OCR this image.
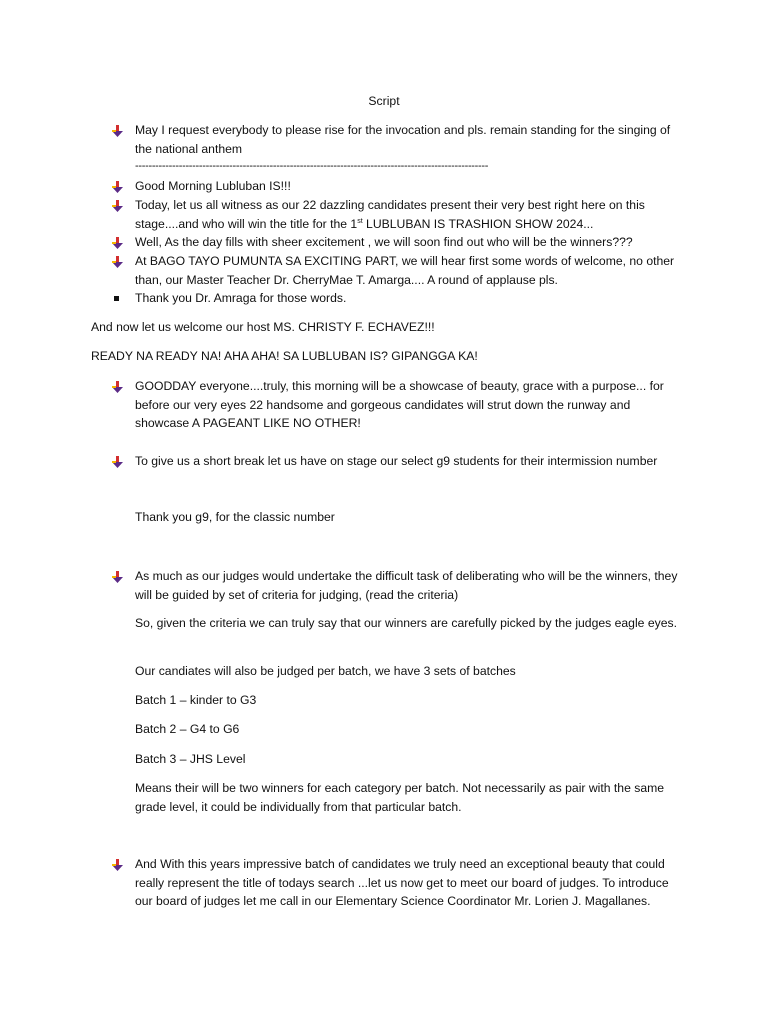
Script
May I request everybody to please rise for the invocation and pls. remain standing for the singing of the national anthem
---------------------------------------------------------------------------------------------------------
Good Morning Lubluban IS!!!
Today, let us all witness as our 22 dazzling candidates present their very best right here on this stage....and who will win the title for the 1st LUBLUBAN IS TRASHION SHOW 2024...
Well, As the day fills with sheer excitement , we will soon find out who will be the winners???
At BAGO TAYO PUMUNTA SA EXCITING PART, we will hear first some words of welcome, no other than, our Master Teacher Dr. CherryMae T. Amarga.... A round of applause pls.
Thank you Dr. Amraga for those words.
And now let us welcome our host MS. CHRISTY F. ECHAVEZ!!!
READY NA READY NA! AHA AHA! SA LUBLUBAN IS? GIPANGGA KA!
GOODDAY everyone....truly, this morning will be a showcase of beauty, grace with a purpose... for before our very eyes 22 handsome and gorgeous candidates will strut down the runway and showcase A PAGEANT LIKE NO OTHER!
To give us a short break let us have on stage our select g9 students for their intermission number
Thank you g9, for the classic number
As much as our judges would undertake the difficult task of deliberating who will be the winners, they will be guided by set of criteria for judging, (read the criteria)
So, given the criteria we can truly say that our winners are carefully picked by the judges eagle eyes.
Our candiates will also be judged per batch, we have 3 sets of batches
Batch 1 – kinder to G3
Batch 2 – G4 to G6
Batch 3 – JHS Level
Means their will be two winners for each category per batch. Not necessarily as pair with the same grade level, it could be individually from that particular batch.
And With this years impressive batch of candidates we truly need an exceptional beauty that could really represent the title of todays search ...let us now get to meet our board of judges. To introduce our board of judges let me call in our Elementary Science Coordinator Mr. Lorien J. Magallanes.
